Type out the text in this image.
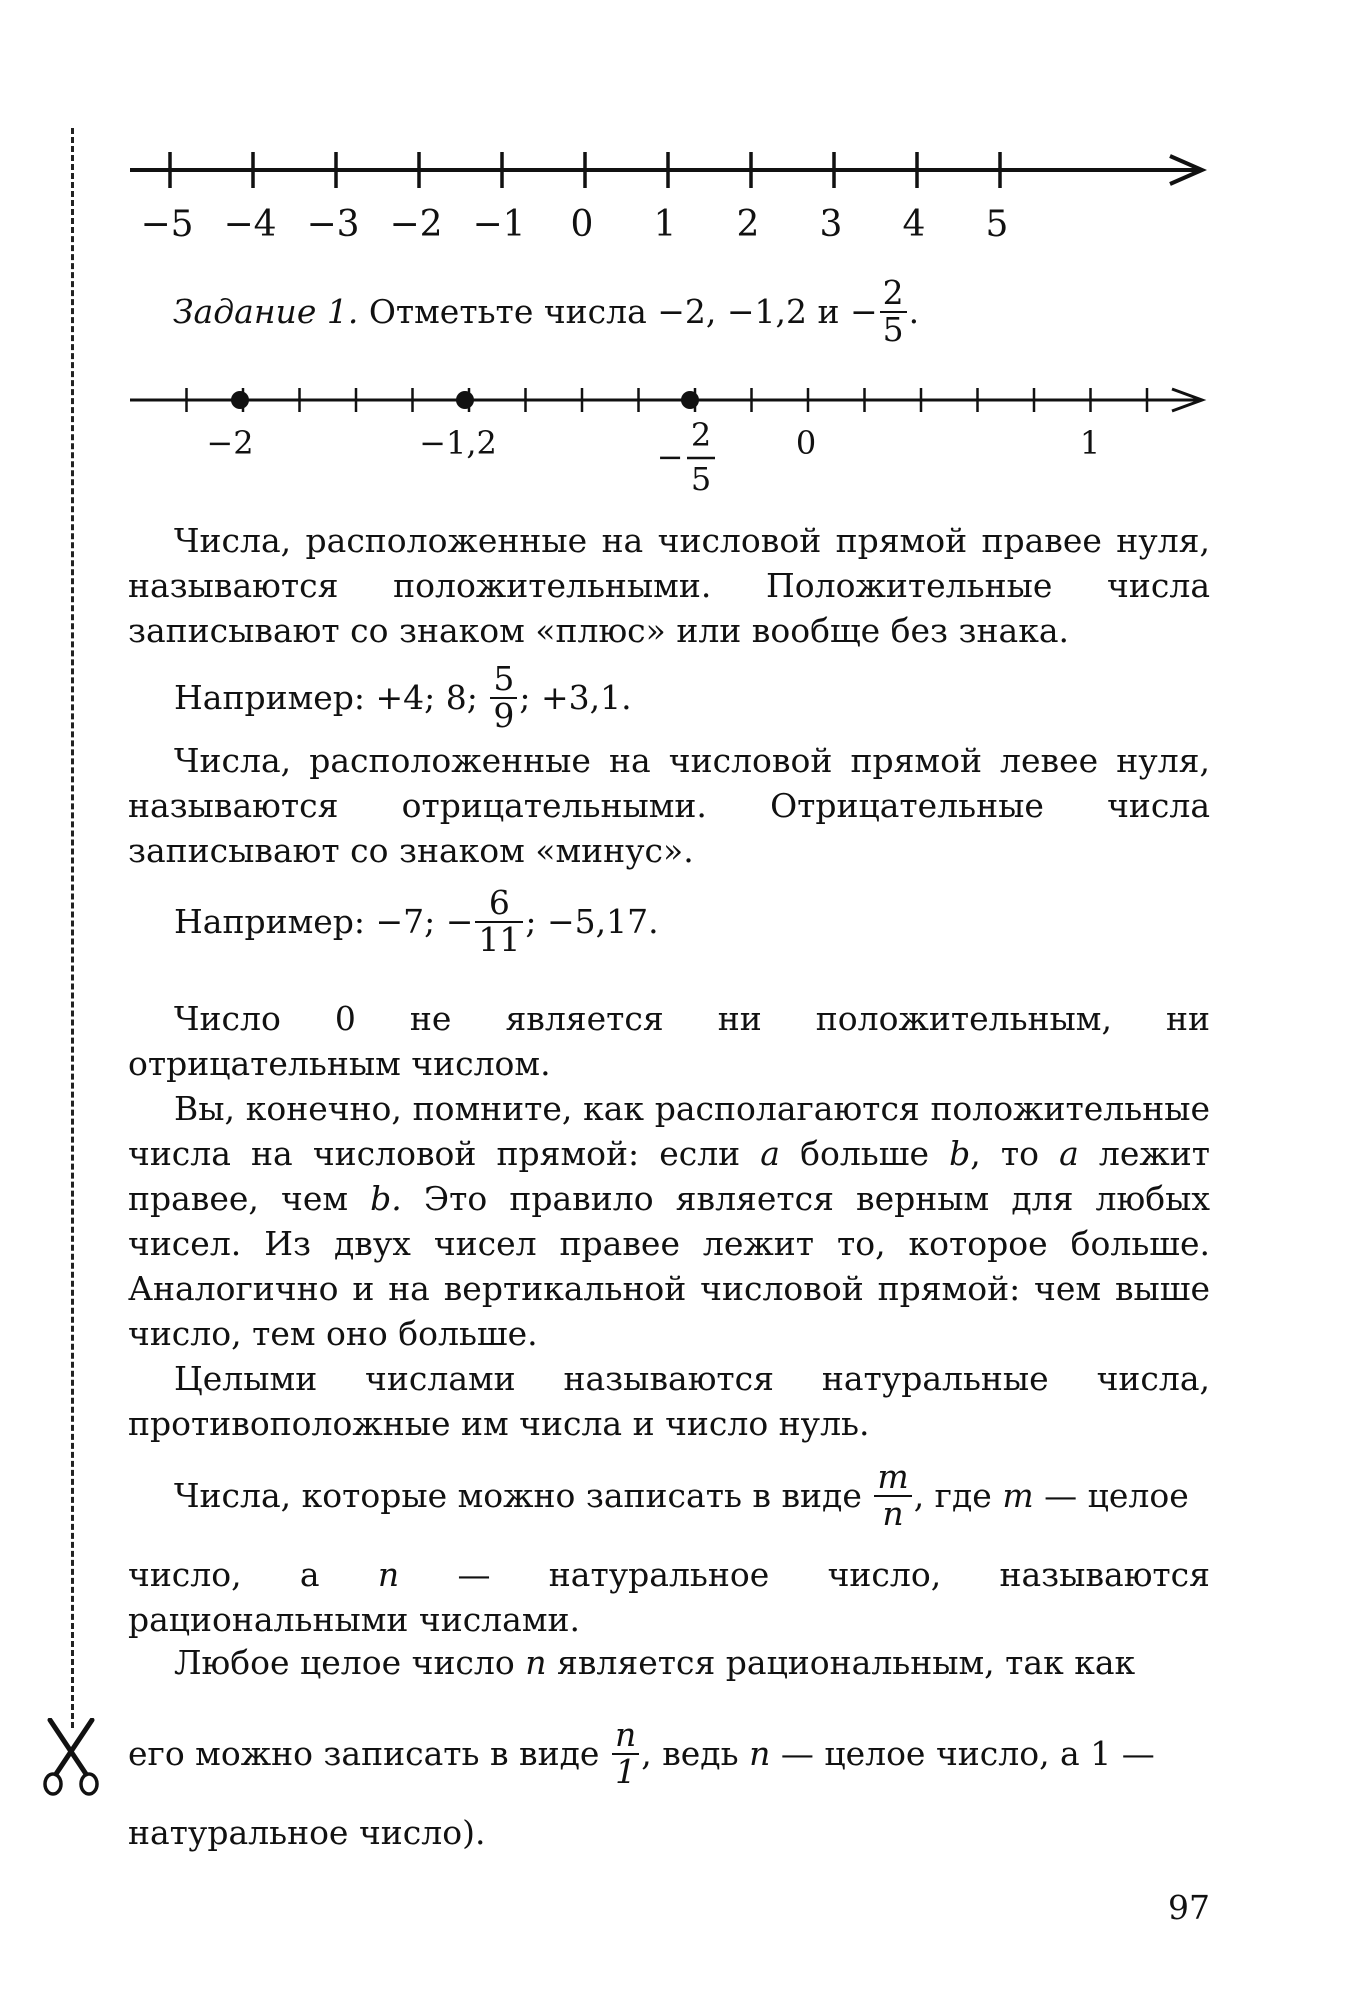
−5 −4 −3 −2 −1 0 1 2 3 4 5
Задание 1.
Отметьте числа −2, −1,2 и
− $\frac{2}{5}$ .
−2	−1,2	−
2
5
0	1
Числа, расположенные на числовой прямой правее нуля, называются положительными. Положительные числа записывают со знаком «плюс» или вообще без знака.
Например: +4; 8;
$\frac{5}{9}$ ; +3,1.
Числа, расположенные на числовой прямой левее нуля, называются отрицательными. Отрицательные числа записывают со знаком «минус».
Например: −7;
− $\frac{6}{11}$ ; −5,17.
Число 0 не является ни положительным, ни отрицательным числом.
Вы, конечно, помните, как располагаются положительные числа на числовой прямой: если a больше b, то a лежит правее, чем b. Это правило является верным для любых чисел. Из двух чисел правее лежит то, которое больше. Аналогично и на вертикальной числовой прямой: чем выше число, тем оно больше.
Целыми числами называются натуральные числа, противоположные им числа и число нуль.
Числа, которые можно записать в виде
$\frac{m}{n}$ , где
m
— целое
число, а n — натуральное число, называются рациональными числами.
Любое целое число n является рациональным, так как
его можно записать в виде
$\frac{n}{1}$ , ведь
n
— целое число, а 1 —
натуральное число).
97
